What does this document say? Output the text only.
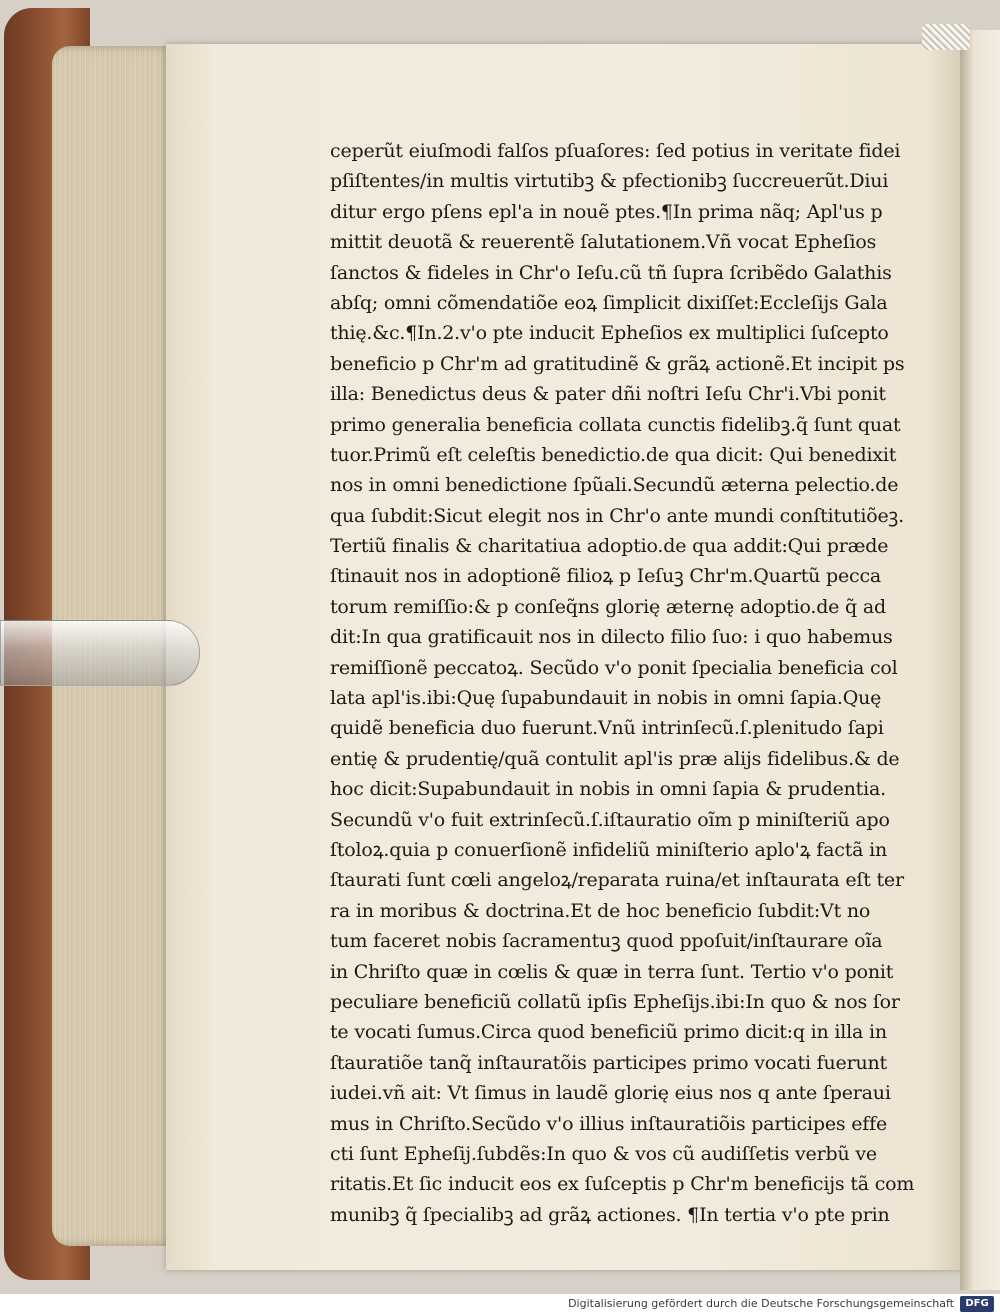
ceperũt eiuſmodi falſos pſuaſores: ſed potius in veritate fidei
pſiſtentes/in multis virtutibꝫ & pfectionibꝫ ſuccreuerũt.Diui
ditur ergo pſens epl'a in nouẽ ptes.¶In prima nãq; Apl'us p
mittit deuotã & reuerentẽ ſalutationem.Vñ vocat Epheſios
ſanctos & fideles in Chr'o Ieſu.cũ tñ ſupra ſcribẽdo Galathis
abſq; omni cõmendatiõe eoꝝ ſimplicit dixiſſet:Eccleſijs Gala
thię.&c.¶In.2.v'o pte inducit Epheſios ex multiplici ſuſcepto
beneficio p Chr'm ad gratitudinẽ & grãꝝ actionẽ.Et incipit ps
illa: Benedictus deus & pater dñi noſtri Ieſu Chr'i.Vbi ponit
primo generalia beneficia collata cunctis fidelibꝫ.q̃ ſunt quat
tuor.Primũ eſt celeſtis benedictio.de qua dicit: Qui benedixit
nos in omni benedictione ſpũali.Secundũ æterna pelectio.de
qua ſubdit:Sicut elegit nos in Chr'o ante mundi conſtitutiõeꝫ.
Tertiũ finalis & charitatiua adoptio.de qua addit:Qui præde
ſtinauit nos in adoptionẽ filioꝝ p Ieſuꝫ Chr'm.Quartũ pecca
torum remiſſio:& p conſeq̃ns glorię æternę adoptio.de q̃ ad
dit:In qua gratificauit nos in dilecto filio ſuo: i quo habemus
remiſſionẽ peccatoꝝ. Secũdo v'o ponit ſpecialia beneficia col
lata apl'is.ibi:Quę ſupabundauit in nobis in omni ſapia.Quę
quidẽ beneficia duo fuerunt.Vnũ intrinſecũ.ſ.plenitudo ſapi
entię & prudentię/quã contulit apl'is præ alijs fidelibus.& de
hoc dicit:Supabundauit in nobis in omni ſapia & prudentia.
Secundũ v'o fuit extrinſecũ.ſ.iſtauratio oĩm p miniſteriũ apo
ſtoloꝝ.quia p conuerſionẽ infideliũ miniſterio aplo'ꝝ factã in
ſtaurati ſunt cœli angeloꝝ/reparata ruina/et inſtaurata eſt ter
ra in moribus & doctrina.Et de hoc beneficio ſubdit:Vt no
tum faceret nobis ſacramentuꝫ quod ppoſuit/inſtaurare oĩa
in Chriſto quæ in cœlis & quæ in terra ſunt. Tertio v'o ponit
peculiare beneficiũ collatũ ipſis Epheſijs.ibi:In quo & nos ſor
te vocati ſumus.Circa quod beneficiũ primo dicit:q in illa in
ſtauratiõe tanq̃ inſtauratõis participes primo vocati fuerunt
iudei.vñ ait: Vt ſimus in laudẽ glorię eius nos q ante ſperaui
mus in Chriſto.Secũdo v'o illius inſtauratiõis participes effe
cti ſunt Epheſij.ſubdẽs:In quo & vos cũ audiſſetis verbũ ve
ritatis.Et ſic inducit eos ex ſuſceptis p Chr'm beneficijs tã com
munibꝫ q̃ ſpecialibꝫ ad grãꝝ actiones. ¶In tertia v'o pte prin
Digitalisierung gefördert durch die Deutsche Forschungsgemeinschaft	DFG
